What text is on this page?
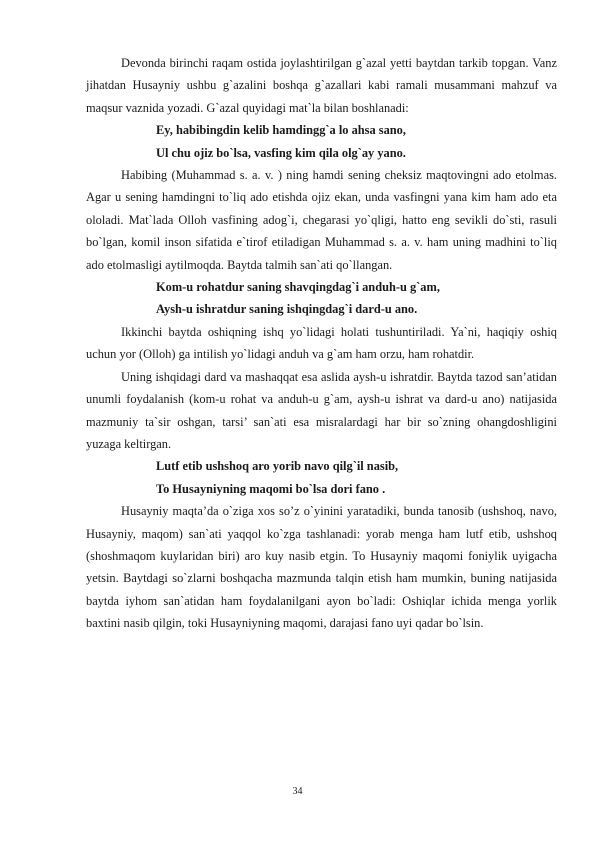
Devonda birinchi raqam ostida joylashtirilgan g`azal yetti baytdan tarkib topgan. Vanz jihatdan Husayniy ushbu g`azalini boshqa g`azallari kabi ramali musammani mahzuf va maqsur vaznida yozadi. G`azal quyidagi mat`la bilan boshlanadi:

Ey, habibingdin kelib hamdingg`a lo ahsa sano,

Ul chu ojiz bo`lsa, vasfing kim qila olg`ay yano.

Habibing (Muhammad s. a. v. ) ning hamdi sening cheksiz maqtovingni ado etolmas. Agar u sening hamdingni to`liq ado etishda ojiz ekan, unda vasfingni yana kim ham ado eta ololadi. Mat`lada Olloh vasfining adog`i, chegarasi yo`qligi, hatto eng sevikli do`sti, rasuli bo`lgan, komil inson sifatida e`tirof etiladigan Muhammad s. a. v. ham uning madhini to`liq ado etolmasligi aytilmoqda. Baytda talmih san`ati qo`llangan.

Kom-u rohatdur saning shavqingdag`i anduh-u g`am,

Aysh-u ishratdur saning ishqingdag`i dard-u ano.

Ikkinchi baytda oshiqning ishq yo`lidagi holati tushuntiriladi. Ya`ni, haqiqiy oshiq uchun yor (Olloh) ga intilish yo`lidagi anduh va g`am ham orzu, ham rohatdir.

Uning ishqidagi dard va mashaqqat esa aslida aysh-u ishratdir. Baytda tazod san’atidan unumli foydalanish (kom-u rohat va anduh-u g`am, aysh-u ishrat va dard-u ano) natijasida mazmuniy ta`sir oshgan, tarsi’ san`ati esa misralardagi har bir so`zning ohangdoshligini yuzaga keltirgan.

Lutf etib ushshoq aro yorib navo qilg`il nasib,

To Husayniyning maqomi bo`lsa dori fano .

Husayniy maqta’da o`ziga xos so’z o`yinini yaratadiki, bunda tanosib (ushshoq, navo, Husayniy, maqom) san`ati yaqqol ko`zga tashlanadi: yorab menga ham lutf etib, ushshoq (shoshmaqom kuylaridan biri) aro kuy nasib etgin. To Husayniy maqomi foniylik uyigacha yetsin. Baytdagi so`zlarni boshqacha mazmunda talqin etish ham mumkin, buning natijasida baytda iyhom san`atidan ham foydalanilgani ayon bo`ladi: Oshiqlar ichida menga yorlik baxtini nasib qilgin, toki Husayniyning maqomi, darajasi fano uyi qadar bo`lsin.

34
